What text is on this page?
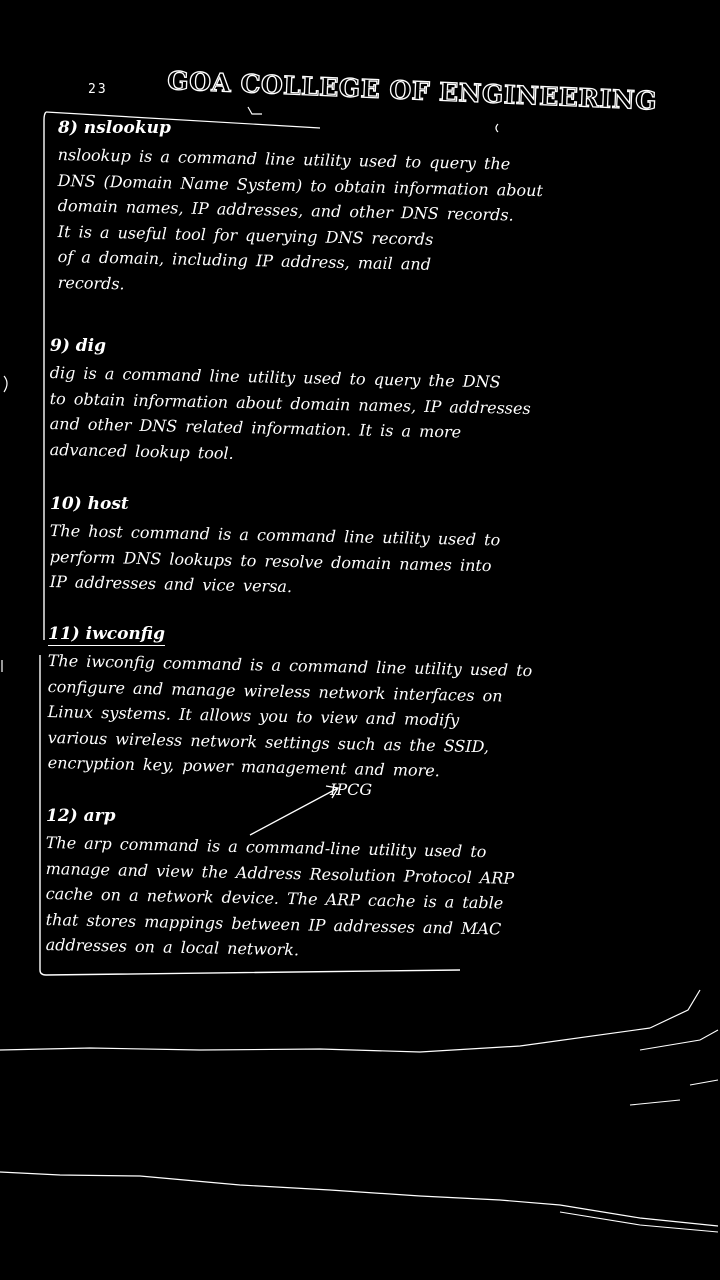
23 GOA COLLEGE OF ENGINEERING

8) nslookup

nslookup is a command line utility used to query the

DNS (Domain Name System) to obtain information about

domain names, IP addresses, and other DNS records.

It is a useful tool for querying DNS records

of a domain, including IP address, mail and

records.

9) dig

dig is a command line utility used to query the DNS

to obtain information about domain names, IP addresses

and other DNS related information. It is a more

advanced lookup tool.

10) host

The host command is a command line utility used to

perform DNS lookups to resolve domain names into

IP addresses and vice versa.

11) iwconfig

The iwconfig command is a command line utility used to

configure and manage wireless network interfaces on

Linux systems. It allows you to view and modify

various wireless network settings such as the SSID,

encryption key, power management and more.

IPCG

12) arp

The arp command is a command-line utility used to

manage and view the Address Resolution Protocol ARP

cache on a network device. The ARP cache is a table

that stores mappings between IP addresses and MAC

addresses on a local network.
